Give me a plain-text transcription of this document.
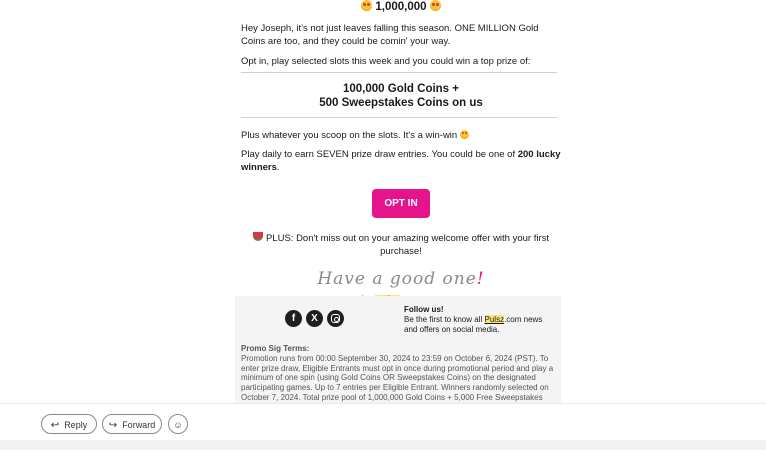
1,000,000

Hey Joseph, it's not just leaves falling this season. ONE MILLION Gold Coins are too, and they could be comin' your way.

Opt in, play selected slots this week and you could win a top prize of:

100,000 Gold Coins +
500 Sweepstakes Coins on us

Plus whatever you scoop on the slots. It's a win-win

Play daily to earn SEVEN prize draw entries. You could be one of 200 lucky winners.

OPT IN

PLUS: Don't miss out on your amazing welcome offer with your first purchase!

Have a good one!
f X
Follow us!
Be the first to know all Pulsz.com news and offers on social media.
Promo Sig Terms:
Promotion runs from 00:00 September 30, 2024 to 23:59 on October 6, 2024 (PST). To enter prize draw, Eligible Entrants must opt in once during promotional period and play a minimum of one spin (using Gold Coins OR Sweepstakes Coins) on the designated participating games. Up to 7 entries per Eligible Entrant. Winners randomly selected on October 7, 2024. Total prize pool of 1,000,000 Gold Coins + 5,000 Free Sweepstakes
↩ Reply	↪ Forward	☺
